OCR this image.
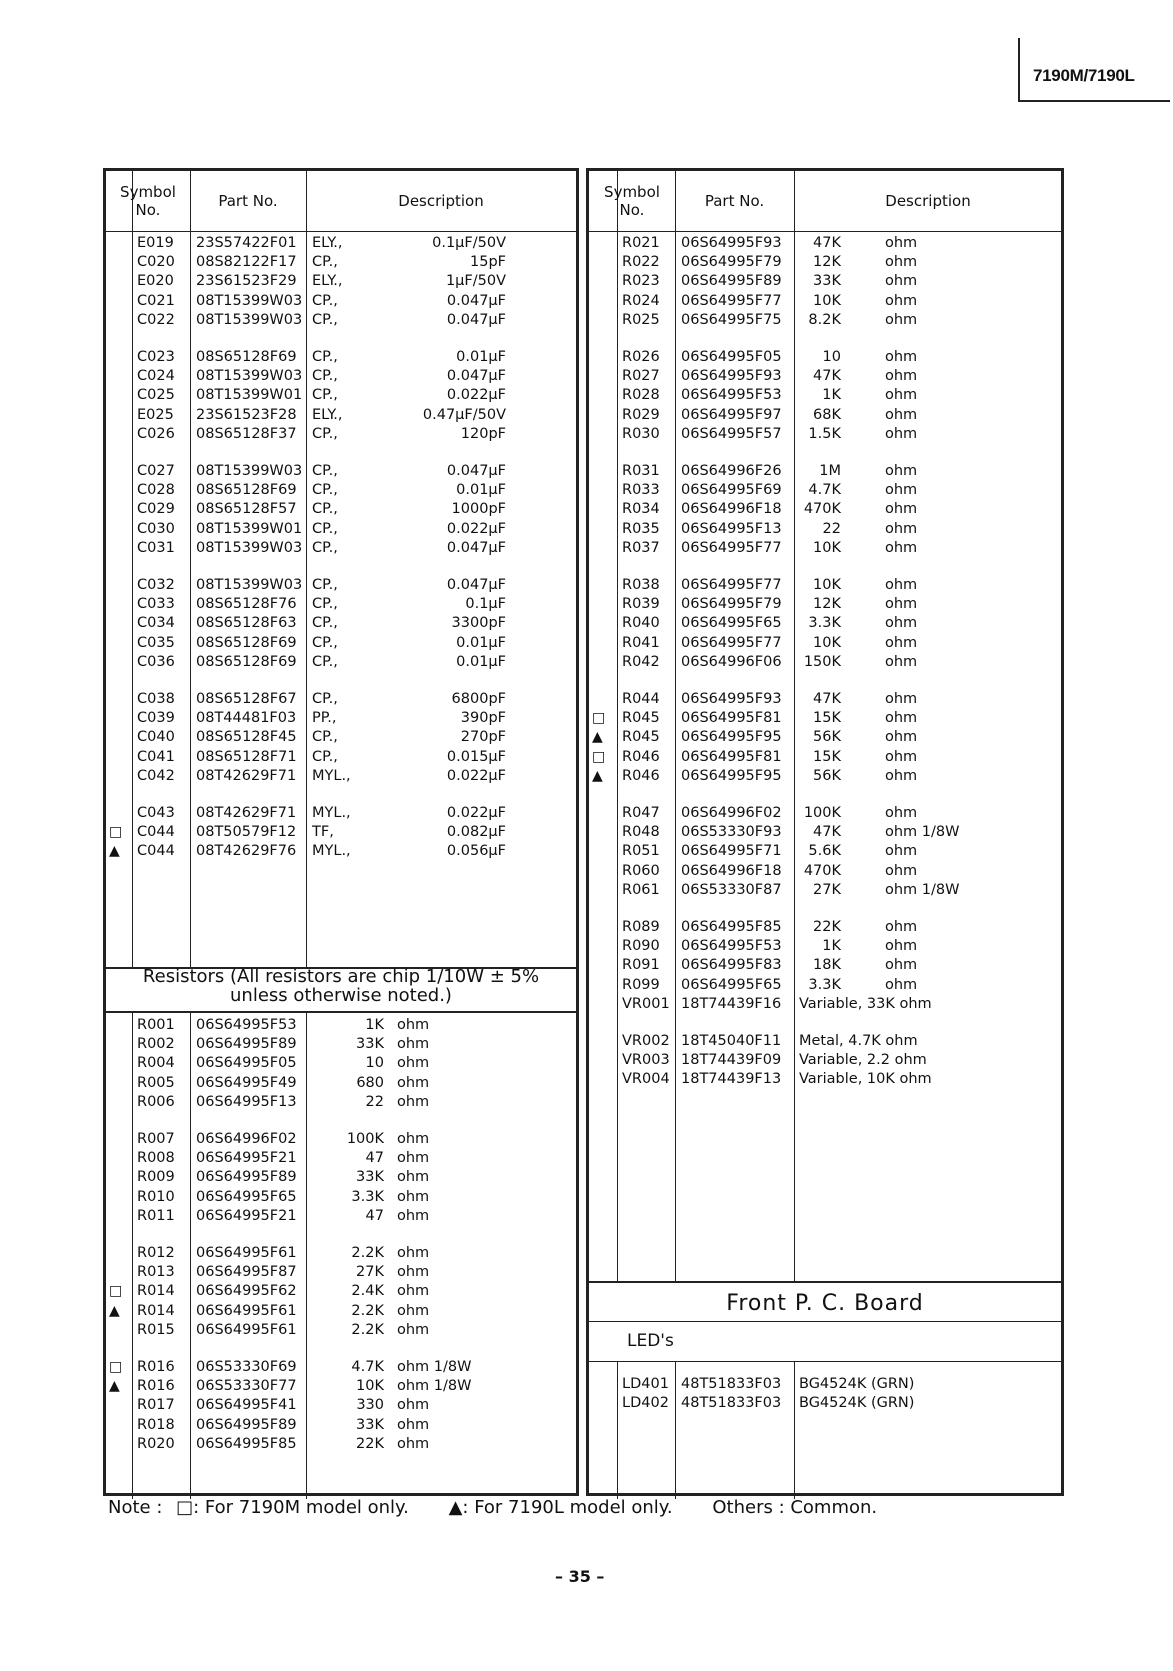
7190M/7190L
Symbol
No.	Part No.	Description
E019 23S57422F01 ELY.,	0.1μF/50V
C020 08S82122F17 CP.,	15pF
E020 23S61523F29 ELY.,	1μF/50V
C021 08T15399W03 CP.,	0.047μF
C022 08T15399W03 CP.,	0.047μF
C023 08S65128F69 CP.,	0.01μF
C024 08T15399W03 CP.,	0.047μF
C025 08T15399W01 CP.,	0.022μF
E025 23S61523F28 ELY.,	0.47μF/50V
C026 08S65128F37 CP.,	120pF
C027 08T15399W03 CP.,	0.047μF
C028 08S65128F69 CP.,	0.01μF
C029 08S65128F57 CP.,	1000pF
C030 08T15399W01 CP.,	0.022μF
C031 08T15399W03 CP.,	0.047μF
C032 08T15399W03 CP.,	0.047μF
C033 08S65128F76 CP.,	0.1μF
C034 08S65128F63 CP.,	3300pF
C035 08S65128F69 CP.,	0.01μF
C036 08S65128F69 CP.,	0.01μF
C038 08S65128F67 CP.,	6800pF
C039 08T44481F03 PP.,	390pF
C040 08S65128F45 CP.,	270pF
C041 08S65128F71 CP.,	0.015μF
C042 08T42629F71 MYL.,	0.022μF
C043 08T42629F71 MYL.,	0.022μF
□ C044 08T50579F12 TF,	0.082μF
▲ C044 08T42629F76 MYL.,	0.056μF
Resistors (All resistors are chip 1/10W ± 5%
unless otherwise noted.)
R001 06S64995F53	1K ohm
R002 06S64995F89	33K ohm
R004 06S64995F05	10 ohm
R005 06S64995F49	680 ohm
R006 06S64995F13	22 ohm
R007 06S64996F02	100K ohm
R008 06S64995F21	47 ohm
R009 06S64995F89	33K ohm
R010 06S64995F65	3.3K ohm
R011 06S64995F21	47 ohm
R012 06S64995F61	2.2K ohm
R013 06S64995F87	27K ohm
□ R014 06S64995F62	2.4K ohm
▲ R014 06S64995F61	2.2K ohm
R015 06S64995F61	2.2K ohm
□ R016 06S53330F69	4.7K ohm 1/8W
▲ R016 06S53330F77	10K ohm 1/8W
R017 06S64995F41	330 ohm
R018 06S64995F89	33K ohm
R020 06S64995F85	22K ohm
Symbol
No.	Part No.	Description
R021 06S64995F93 47K	ohm
R022 06S64995F79 12K	ohm
R023 06S64995F89 33K	ohm
R024 06S64995F77 10K	ohm
R025 06S64995F75 8.2K	ohm
R026 06S64995F05	10	ohm
R027 06S64995F93 47K	ohm
R028 06S64995F53	1K	ohm
R029 06S64995F97 68K	ohm
R030 06S64995F57 1.5K	ohm
R031 06S64996F26	1M	ohm
R033 06S64995F69 4.7K	ohm
R034 06S64996F18 470K	ohm
R035 06S64995F13	22	ohm
R037 06S64995F77 10K	ohm
R038 06S64995F77 10K	ohm
R039 06S64995F79 12K	ohm
R040 06S64995F65 3.3K	ohm
R041 06S64995F77 10K	ohm
R042 06S64996F06 150K	ohm
R044 06S64995F93 47K	ohm
□ R045 06S64995F81 15K	ohm
▲ R045 06S64995F95 56K	ohm
□ R046 06S64995F81 15K	ohm
▲ R046 06S64995F95 56K	ohm
R047 06S64996F02 100K	ohm
R048 06S53330F93 47K	ohm 1/8W
R051 06S64995F71 5.6K	ohm
R060 06S64996F18 470K	ohm
R061 06S53330F87 27K	ohm 1/8W
R089 06S64995F85 22K	ohm
R090 06S64995F53	1K	ohm
R091 06S64995F83 18K	ohm
R099 06S64995F65 3.3K	ohm
VR001 18T74439F16 Variable, 33K ohm
VR002 18T45040F11 Metal, 4.7K ohm
VR003 18T74439F09 Variable, 2.2 ohm
VR004 18T74439F13 Variable, 10K ohm
Front P. C. Board
LED's
LD401 48T51833F03 BG4524K (GRN)
LD402 48T51833F03 BG4524K (GRN)
Note : □: For 7190M model only. ▲: For 7190L model only. Others : Common.
– 35 –
